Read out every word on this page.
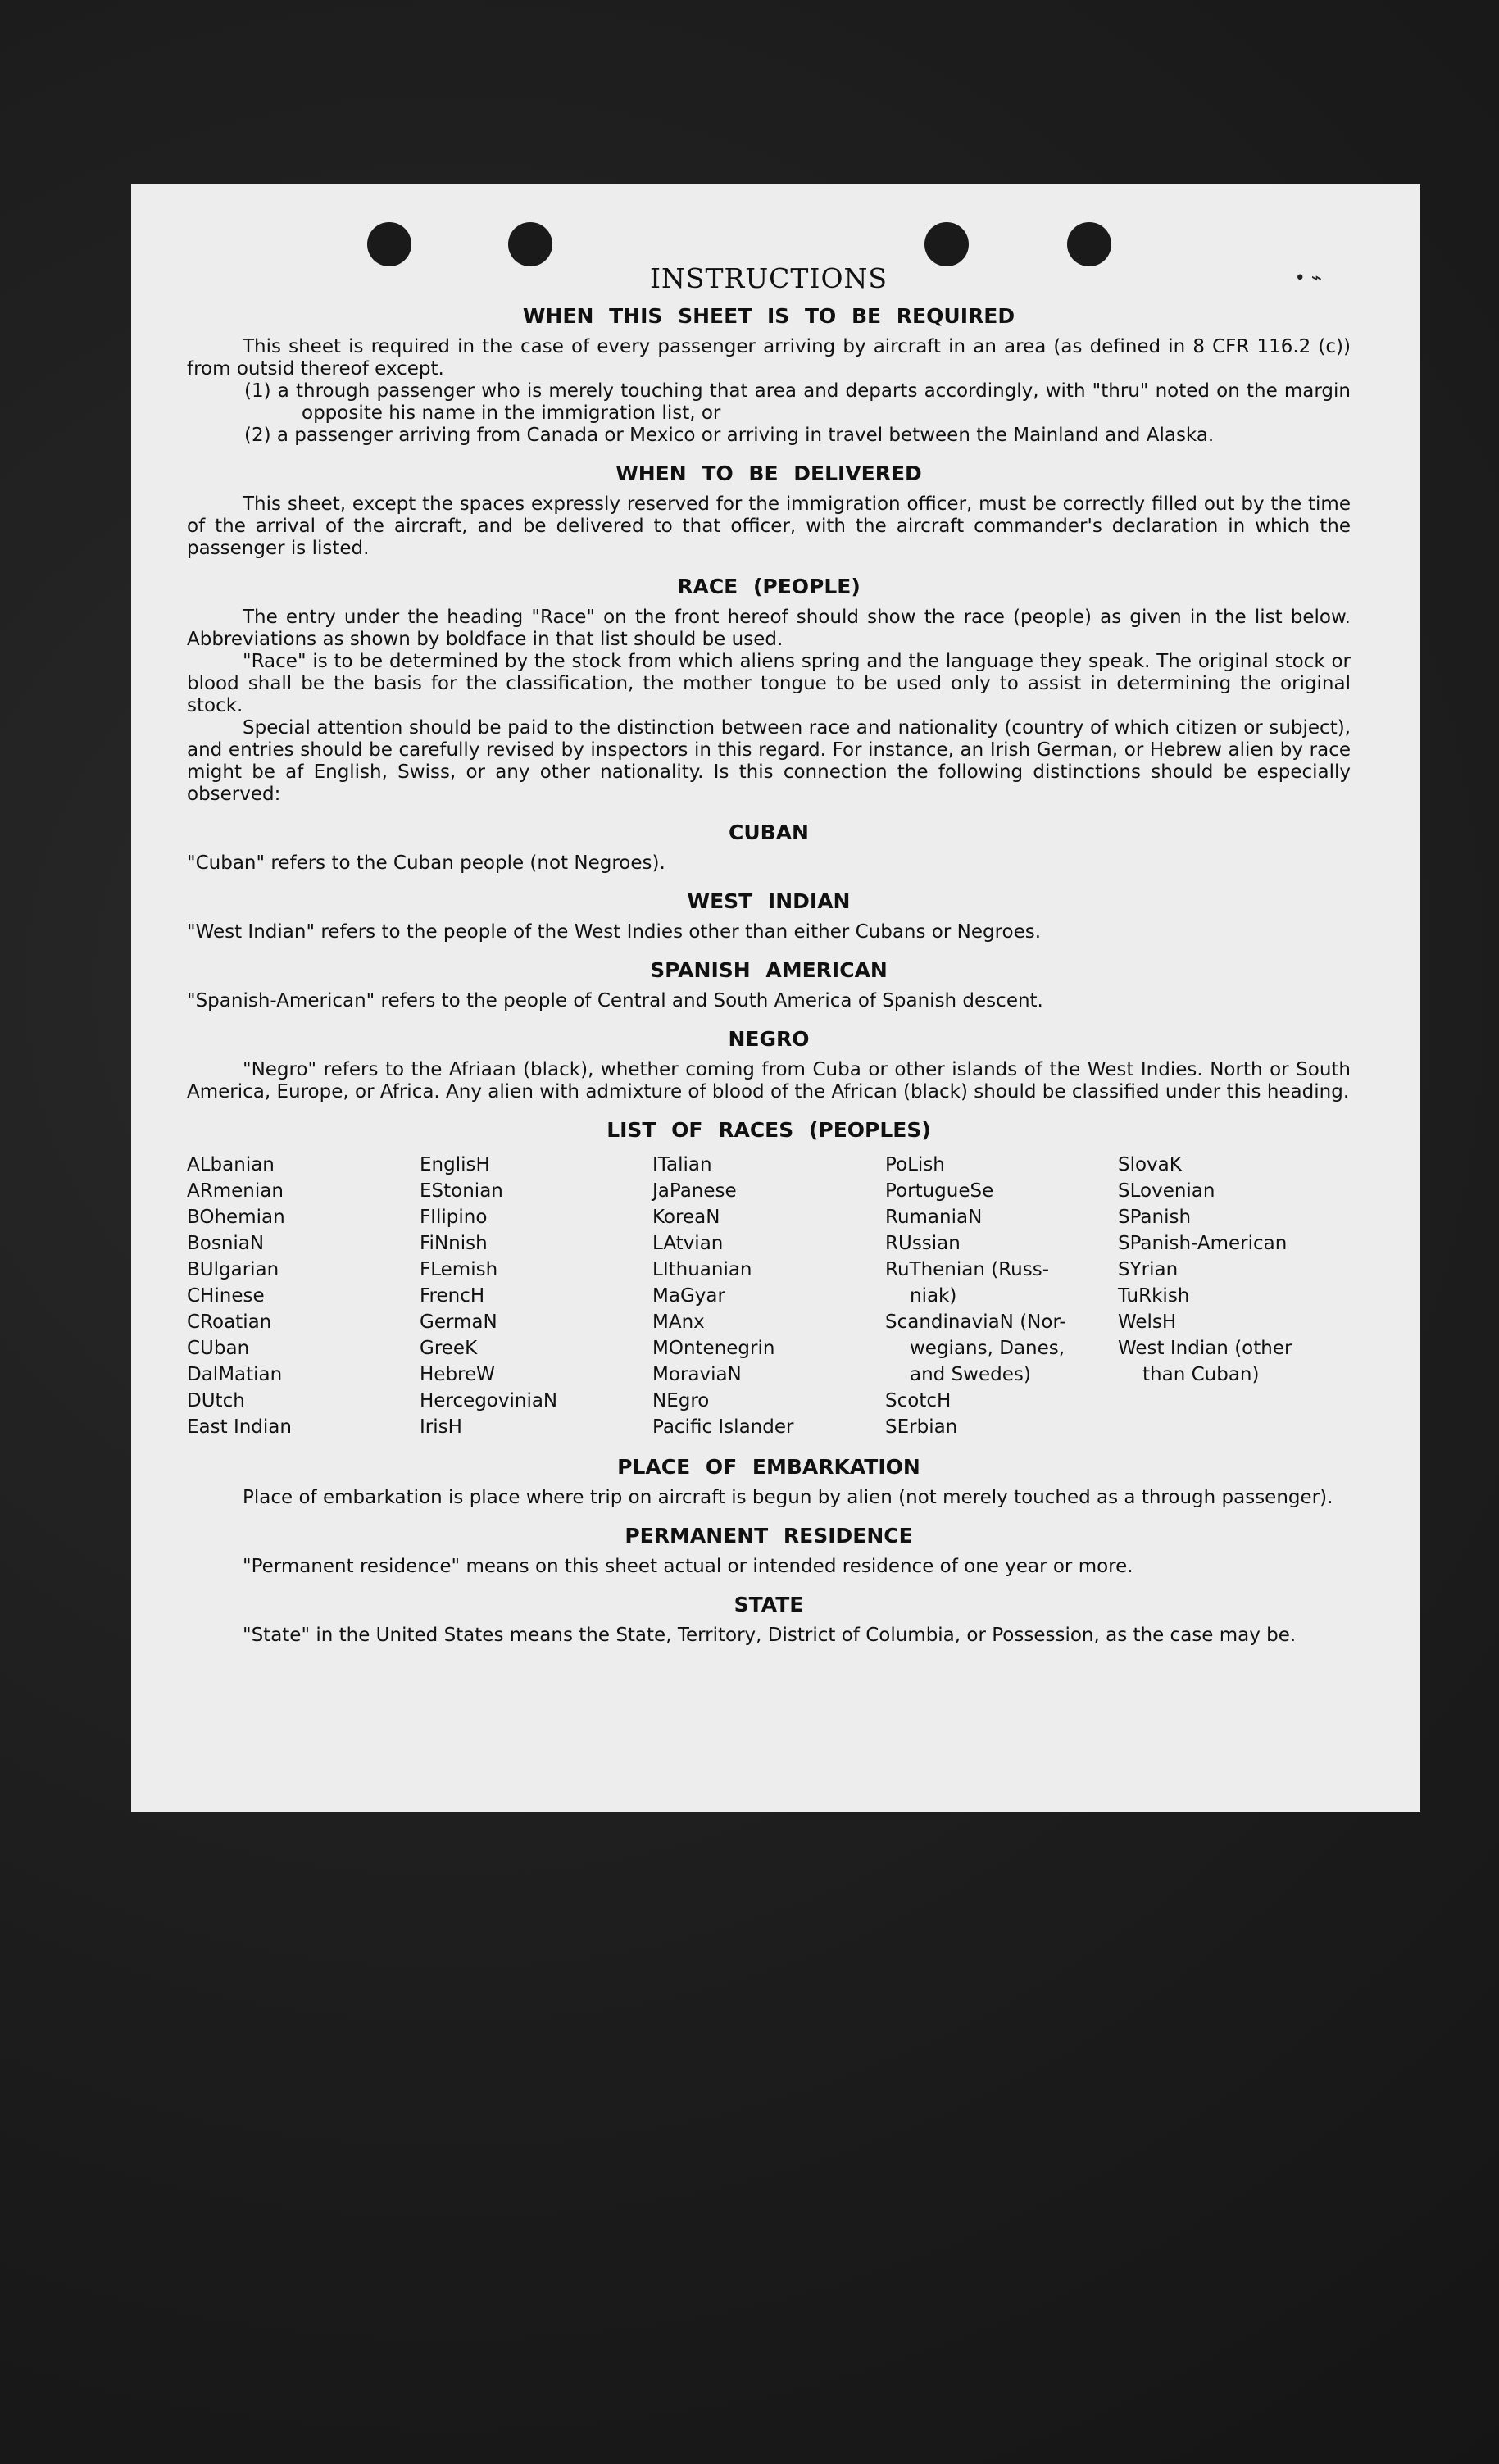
• ⌁
INSTRUCTIONS
WHEN THIS SHEET IS TO BE REQUIRED

This sheet is required in the case of every passenger arriving by aircraft in an area (as defined in 8 CFR 116.2 (c)) from outsid thereof except.

(1) a through passenger who is merely touching that area and departs accordingly, with "thru" noted on the margin opposite his name in the immigration list, or

(2) a passenger arriving from Canada or Mexico or arriving in travel between the Mainland and Alaska.

WHEN TO BE DELIVERED

This sheet, except the spaces expressly reserved for the immigration officer, must be correctly filled out by the time of the arrival of the aircraft, and be delivered to that officer, with the aircraft commander's declaration in which the passenger is listed.

RACE (PEOPLE)

The entry under the heading "Race" on the front hereof should show the race (people) as given in the list below. Abbreviations as shown by boldface in that list should be used.

"Race" is to be determined by the stock from which aliens spring and the language they speak. The original stock or blood shall be the basis for the classification, the mother tongue to be used only to assist in determining the original stock.

Special attention should be paid to the distinction between race and nationality (country of which citizen or subject), and entries should be carefully revised by inspectors in this regard. For instance, an Irish German, or Hebrew alien by race might be af English, Swiss, or any other nationality. Is this connection the following distinctions should be especially observed:

CUBAN

"Cuban" refers to the Cuban people (not Negroes).

WEST INDIAN

"West Indian" refers to the people of the West Indies other than either Cubans or Negroes.

SPANISH AMERICAN

"Spanish-American" refers to the people of Central and South America of Spanish descent.

NEGRO

"Negro" refers to the Afriaan (black), whether coming from Cuba or other islands of the West Indies. North or South America, Europe, or Africa. Any alien with admixture of blood of the African (black) should be classified under this heading.

LIST OF RACES (PEOPLES)
ALbanian
ARmenian
BOhemian
BosniaN
BUlgarian
CHinese
CRoatian
CUban
DalMatian
DUtch
East Indian
EnglisH
EStonian
FIlipino
FiNnish
FLemish
FrencH
GermaN
GreeK
HebreW
HercegoviniaN
IrisH
ITalian
JaPanese
KoreaN
LAtvian
LIthuanian
MaGyar
MAnx
MOntenegrin
MoraviaN
NEgro
Pacific Islander
PoLish
PortugueSe
RumaniaN
RUssian
RuThenian (Russ-
niak)
ScandinaviaN (Nor-
wegians, Danes,
and Swedes)
ScotcH
SErbian
SlovaK
SLovenian
SPanish
SPanish-American
SYrian
TuRkish
WelsH
West Indian (other
than Cuban)
PLACE OF EMBARKATION

Place of embarkation is place where trip on aircraft is begun by alien (not merely touched as a through passenger).

PERMANENT RESIDENCE

"Permanent residence" means on this sheet actual or intended residence of one year or more.

STATE

"State" in the United States means the State, Territory, District of Columbia, or Possession, as the case may be.
